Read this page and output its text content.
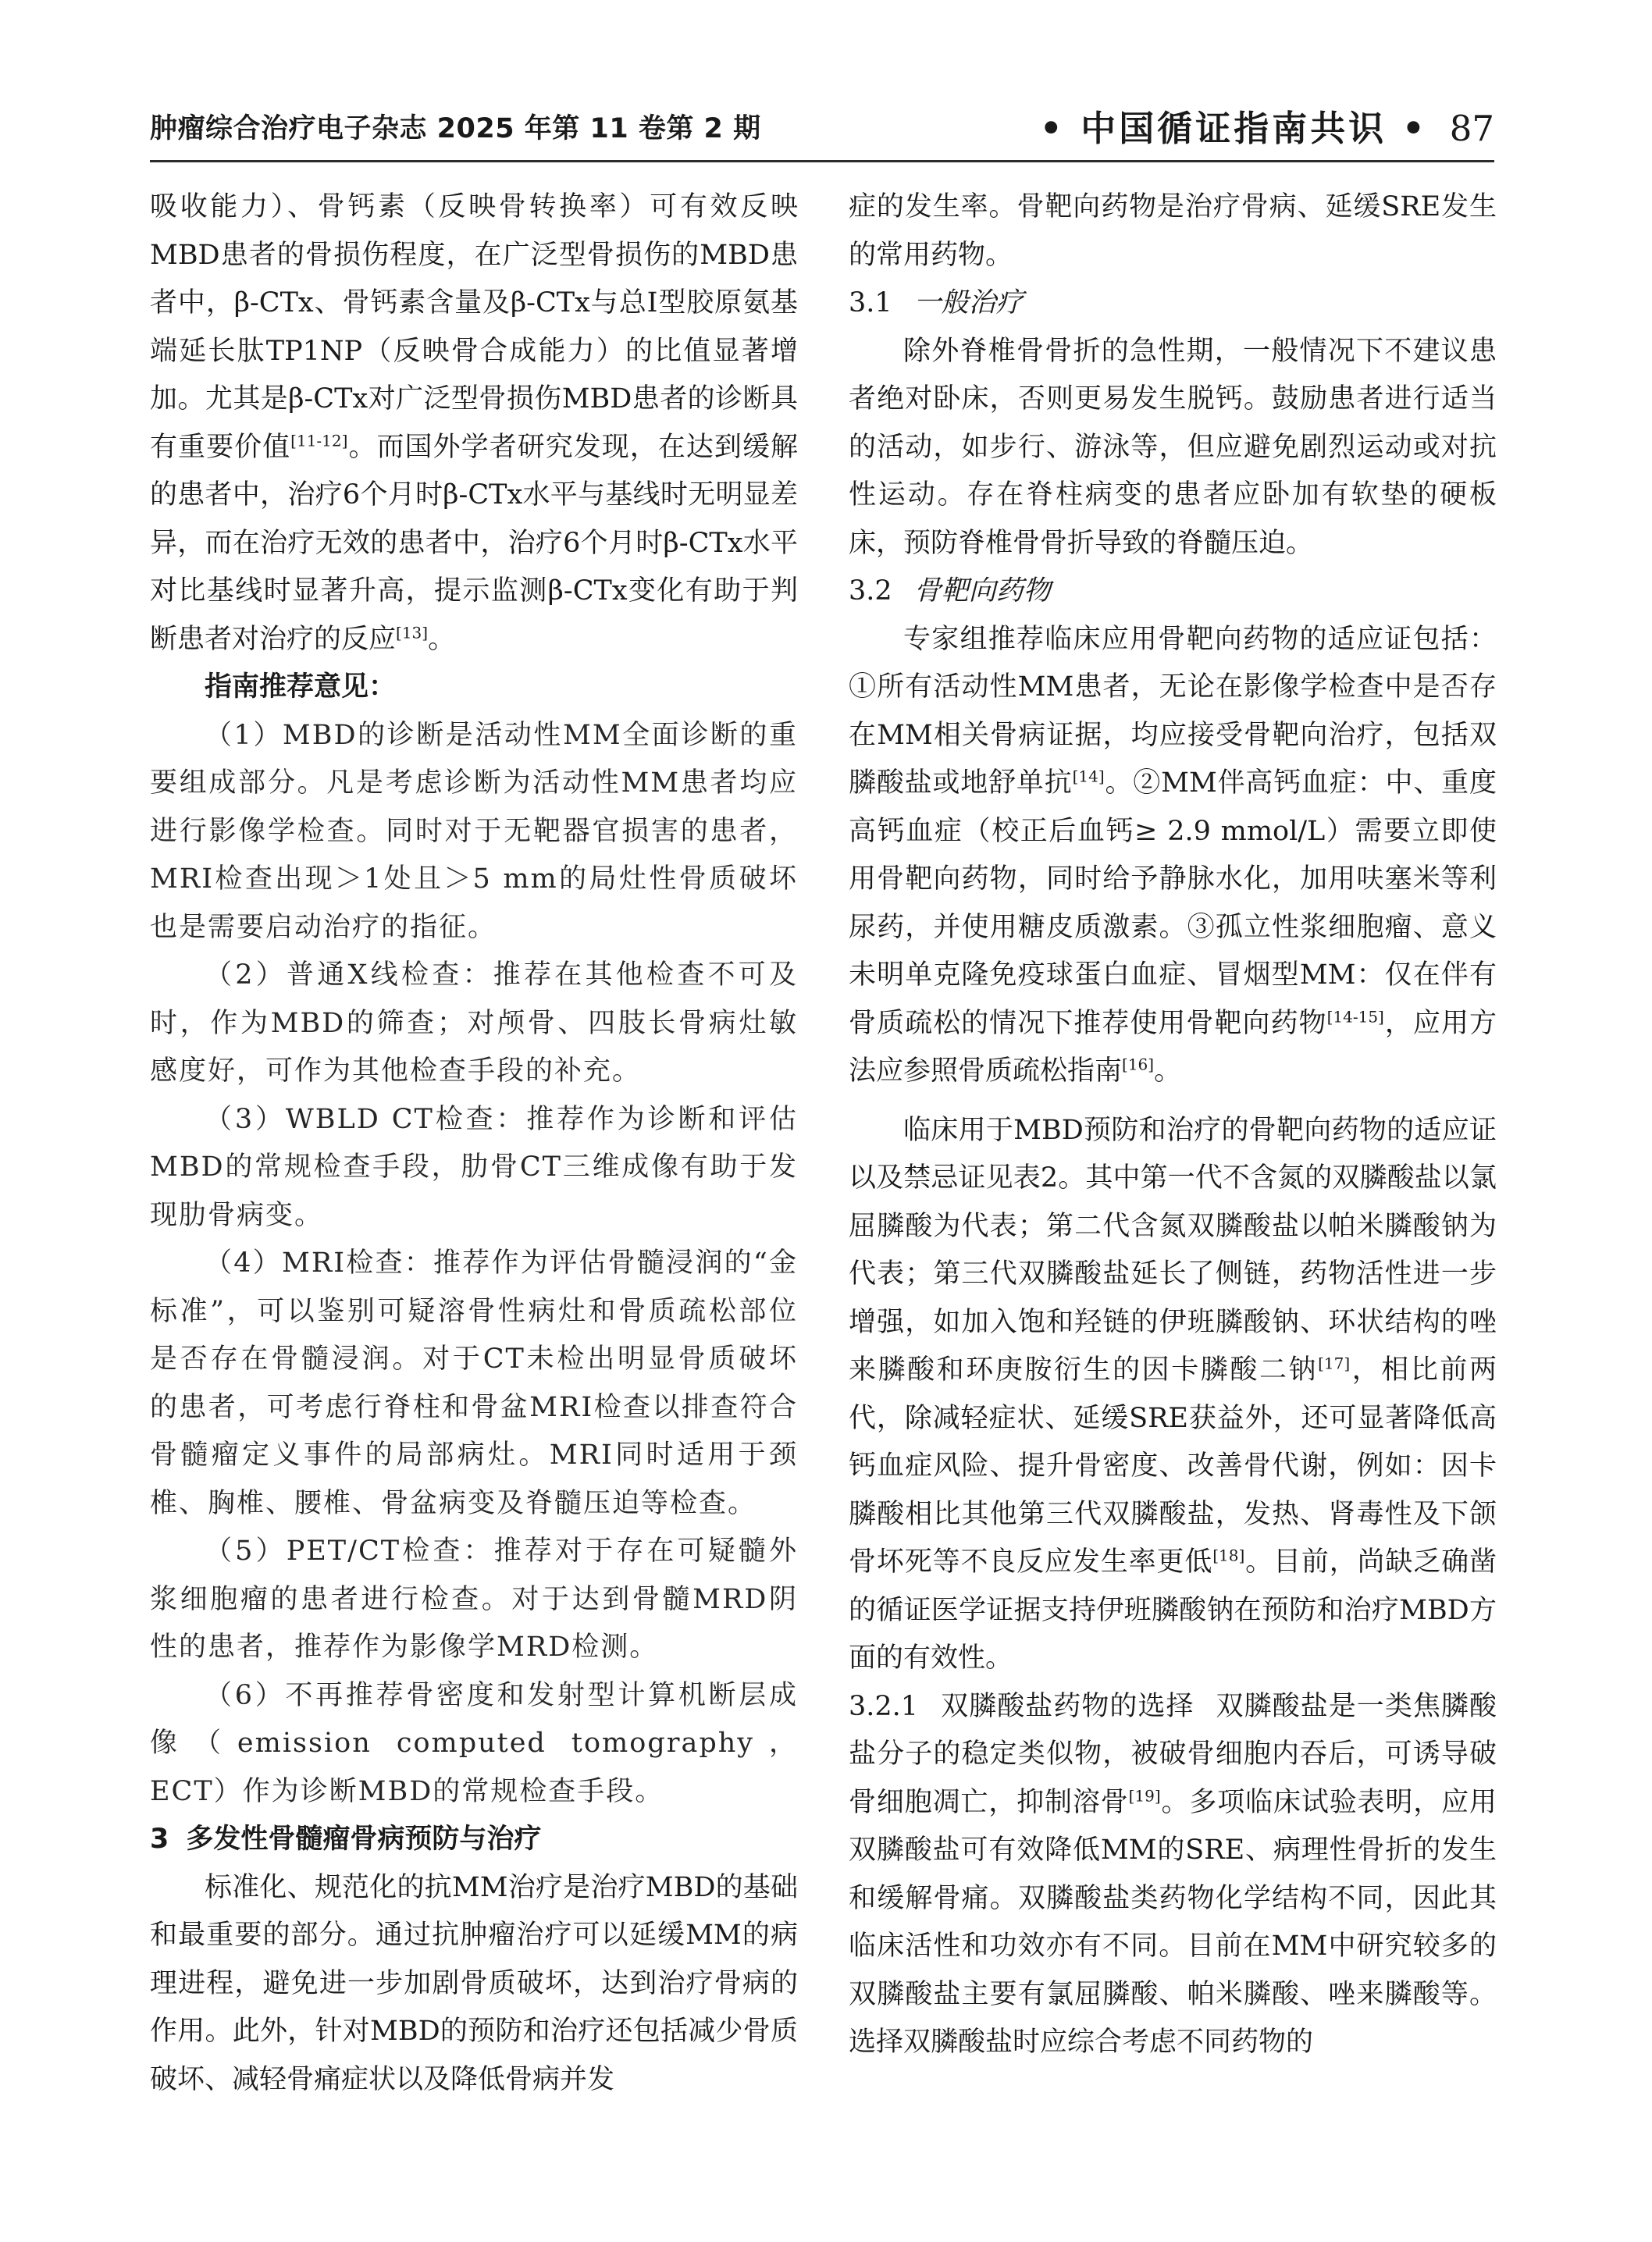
肿瘤综合治疗电子杂志 2025 年第 11 卷第 2 期	• 中国循证指南共识 • 87

吸收能力）、骨钙素（反映骨转换率）可有效反映MBD患者的骨损伤程度，在广泛型骨损伤的MBD患者中，β-CTx、骨钙素含量及β-CTx与总Ⅰ型胶原氨基端延长肽TP1NP（反映骨合成能力）的比值显著增加。尤其是β-CTx对广泛型骨损伤MBD患者的诊断具有重要价值[11-12]。而国外学者研究发现，在达到缓解的患者中，治疗6个月时β-CTx水平与基线时无明显差异，而在治疗无效的患者中，治疗6个月时β-CTx水平对比基线时显著升高，提示监测β-CTx变化有助于判断患者对治疗的反应[13]。

指南推荐意见：

（1）MBD的诊断是活动性MM全面诊断的重要组成部分。凡是考虑诊断为活动性MM患者均应进行影像学检查。同时对于无靶器官损害的患者，MRI检查出现＞1处且＞5 mm的局灶性骨质破坏也是需要启动治疗的指征。

（2）普通X线检查：推荐在其他检查不可及时，作为MBD的筛查；对颅骨、四肢长骨病灶敏感度好，可作为其他检查手段的补充。

（3）WBLD CT检查：推荐作为诊断和评估MBD的常规检查手段，肋骨CT三维成像有助于发现肋骨病变。

（4）MRI检查：推荐作为评估骨髓浸润的“金标准”，可以鉴别可疑溶骨性病灶和骨质疏松部位是否存在骨髓浸润。对于CT未检出明显骨质破坏的患者，可考虑行脊柱和骨盆MRI检查以排查符合骨髓瘤定义事件的局部病灶。MRI同时适用于颈椎、胸椎、腰椎、骨盆病变及脊髓压迫等检查。

（5）PET/CT检查：推荐对于存在可疑髓外浆细胞瘤的患者进行检查。对于达到骨髓MRD阴性的患者，推荐作为影像学MRD检测。

（6）不再推荐骨密度和发射型计算机断层成像（emission computed tomography，ECT）作为诊断MBD的常规检查手段。

3 多发性骨髓瘤骨病预防与治疗

标准化、规范化的抗MM治疗是治疗MBD的基础和最重要的部分。通过抗肿瘤治疗可以延缓MM的病理进程，避免进一步加剧骨质破坏，达到治疗骨病的作用。此外，针对MBD的预防和治疗还包括减少骨质破坏、减轻骨痛症状以及降低骨病并发

症的发生率。骨靶向药物是治疗骨病、延缓SRE发生的常用药物。

3.1 一般治疗

除外脊椎骨骨折的急性期，一般情况下不建议患者绝对卧床，否则更易发生脱钙。鼓励患者进行适当的活动，如步行、游泳等，但应避免剧烈运动或对抗性运动。存在脊柱病变的患者应卧加有软垫的硬板床，预防脊椎骨骨折导致的脊髓压迫。

3.2 骨靶向药物

专家组推荐临床应用骨靶向药物的适应证包括：①所有活动性MM患者，无论在影像学检查中是否存在MM相关骨病证据，均应接受骨靶向治疗，包括双膦酸盐或地舒单抗[14]。②MM伴高钙血症：中、重度高钙血症（校正后血钙≥ 2.9 mmol/L）需要立即使用骨靶向药物，同时给予静脉水化，加用呋塞米等利尿药，并使用糖皮质激素。③孤立性浆细胞瘤、意义未明单克隆免疫球蛋白血症、冒烟型MM：仅在伴有骨质疏松的情况下推荐使用骨靶向药物[14-15]，应用方法应参照骨质疏松指南[16]。

临床用于MBD预防和治疗的骨靶向药物的适应证以及禁忌证见表2。其中第一代不含氮的双膦酸盐以氯屈膦酸为代表；第二代含氮双膦酸盐以帕米膦酸钠为代表；第三代双膦酸盐延长了侧链，药物活性进一步增强，如加入饱和羟链的伊班膦酸钠、环状结构的唑来膦酸和环庚胺衍生的因卡膦酸二钠[17]，相比前两代，除减轻症状、延缓SRE获益外，还可显著降低高钙血症风险、提升骨密度、改善骨代谢，例如：因卡膦酸相比其他第三代双膦酸盐，发热、肾毒性及下颌骨坏死等不良反应发生率更低[18]。目前，尚缺乏确凿的循证医学证据支持伊班膦酸钠在预防和治疗MBD方面的有效性。

3.2.1 双膦酸盐药物的选择 双膦酸盐是一类焦膦酸盐分子的稳定类似物，被破骨细胞内吞后，可诱导破骨细胞凋亡，抑制溶骨[19]。多项临床试验表明，应用双膦酸盐可有效降低MM的SRE、病理性骨折的发生和缓解骨痛。双膦酸盐类药物化学结构不同，因此其临床活性和功效亦有不同。目前在MM中研究较多的双膦酸盐主要有氯屈膦酸、帕米膦酸、唑来膦酸等。选择双膦酸盐时应综合考虑不同药物的
